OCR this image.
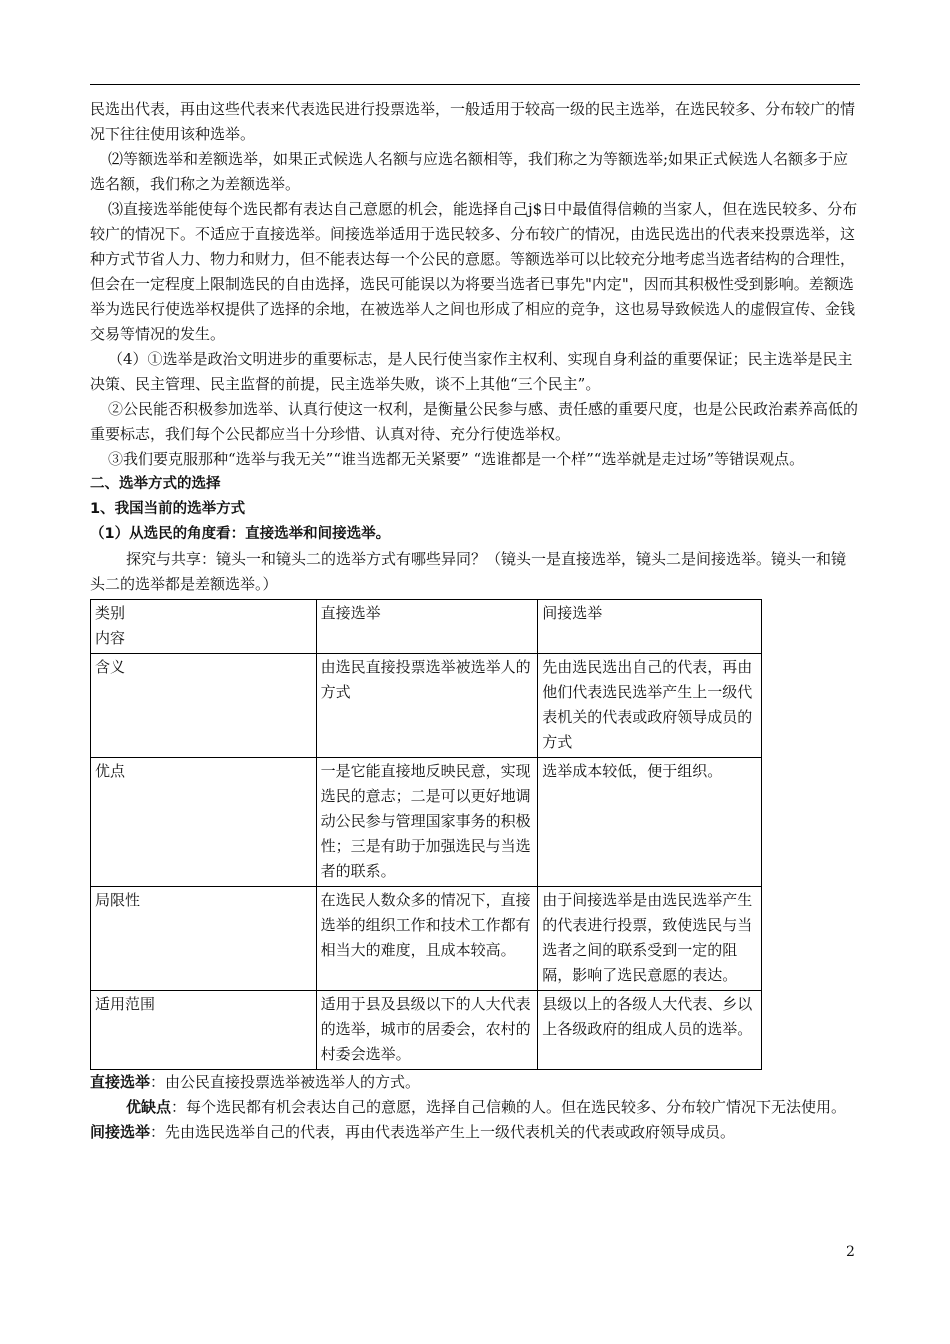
民选出代表，再由这些代表来代表选民进行投票选举，一般适用于较高一级的民主选举，在选民较多、分布较广的情况下往往使用该种选举。

⑵等额选举和差额选举，如果正式候选人名额与应选名额相等，我们称之为等额选举;如果正式候选人名额多于应选名额，我们称之为差额选举。

⑶直接选举能使每个选民都有表达自己意愿的机会，能选择自己j$日中最值得信赖的当家人，但在选民较多、分布较广的情况下。不适应于直接选举。间接选举适用于选民较多、分布较广的情况，由选民选出的代表来投票选举，这种方式节省人力、物力和财力，但不能表达每一个公民的意愿。等额选举可以比较充分地考虑当选者结构的合理性，但会在一定程度上限制选民的自由选择，选民可能误以为将要当选者已事先"内定"，因而其积极性受到影响。差额选举为选民行使选举权提供了选择的余地，在被选举人之间也形成了相应的竞争，这也易导致候选人的虚假宣传、金钱交易等情况的发生。

（4）①选举是政治文明进步的重要标志，是人民行使当家作主权利、实现自身利益的重要保证；民主选举是民主决策、民主管理、民主监督的前提，民主选举失败，谈不上其他“三个民主”。

②公民能否积极参加选举、认真行使这一权利，是衡量公民参与感、责任感的重要尺度，也是公民政治素养高低的重要标志，我们每个公民都应当十分珍惜、认真对待、充分行使选举权。

③我们要克服那种“选举与我无关”“谁当选都无关紧要” “选谁都是一个样”“选举就是走过场”等错误观点。

二、选举方式的选择

1、我国当前的选举方式

（1）从选民的角度看：直接选举和间接选举。

探究与共享：镜头一和镜头二的选举方式有哪些异同？（镜头一是直接选举，镜头二是间接选举。镜头一和镜头二的选举都是差额选举。）

类别
内容	直接选举	间接选举
含义	由选民直接投票选举被选举人的方式	先由选民选出自己的代表，再由他们代表选民选举产生上一级代表机关的代表或政府领导成员的方式
优点	一是它能直接地反映民意，实现选民的意志；二是可以更好地调动公民参与管理国家事务的积极性；三是有助于加强选民与当选者的联系。	选举成本较低，便于组织。
局限性	在选民人数众多的情况下，直接选举的组织工作和技术工作都有相当大的难度，且成本较高。	由于间接选举是由选民选举产生的代表进行投票，致使选民与当选者之间的联系受到一定的阻隔，影响了选民意愿的表达。
适用范围	适用于县及县级以下的人大代表的选举，城市的居委会，农村的村委会选举。	县级以上的各级人大代表、乡以上各级政府的组成人员的选举。

直接选举：由公民直接投票选举被选举人的方式。

优缺点：每个选民都有机会表达自己的意愿，选择自己信赖的人。但在选民较多、分布较广情况下无法使用。

间接选举：先由选民选举自己的代表，再由代表选举产生上一级代表机关的代表或政府领导成员。

2
